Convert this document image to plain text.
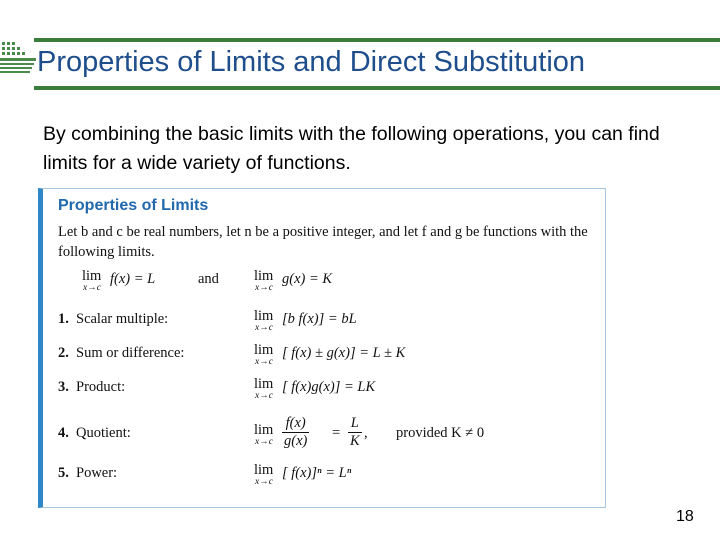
Properties of Limits and Direct Substitution

By combining the basic limits with the following operations, you can find limits for a wide variety of functions.

Properties of Limits
Let b and c be real numbers, let n be a positive integer, and let f and g be functions with the following limits.
lim
x→c
f(x) = L	and lim
x→c
g(x) = K
1. Scalar multiple:	lim
x→c
[b f(x)] = bL
2. Sum or difference:	lim
x→c
[ f(x) ± g(x)] = L ± K
3. Product:	lim
x→c
[ f(x)g(x)] = LK
4. Quotient:	lim
$x\to c \frac{f(x)}{g(x)} = \frac{L}{K}$ , provided K ≠ 0
5. Power:	lim
x→c
[ f(x)]ⁿ = Lⁿ
18
